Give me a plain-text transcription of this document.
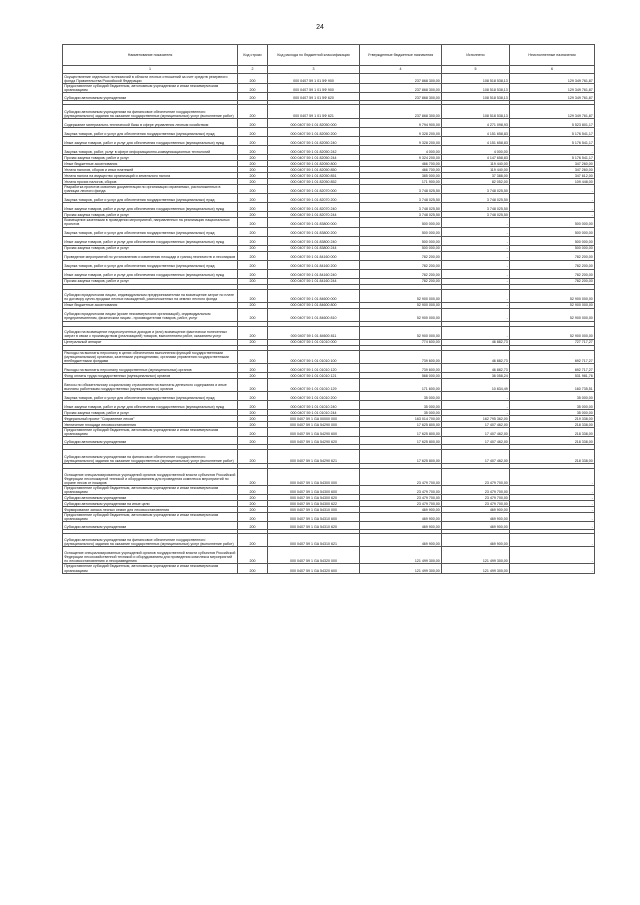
24
Наименование показателя	Код строки	Код расхода по бюджетной классификации	Утвержденные бюджетные назначения	Исполнено	Неисполненные назначения
1	2	3	4	5	6
Осуществление отдельных полномочий в области лесных отношений за счет средств резервного фонда Правительства Российской Федерации	200	000 0407 59 1 01 5Ф 900	237 868 300,00	108 518 538,13	129 349 761,87
Предоставление субсидий бюджетным, автономным учреждениям и иным некоммерческим организациям	200	000 0407 59 1 01 5Ф 900	237 868 300,00	108 518 538,13	129 349 761,87
Субсидии автономным учреждениям	200	000 0407 59 1 01 5Ф 620	237 868 300,00	108 518 538,13	129 349 761,87

Субсидии автономным учреждениям на финансовое обеспечение государственного (муниципального) задания на оказание государственных (муниципальных) услуг (выполнение работ)	200	000 0407 59 1 01 5Ф 621	237 868 300,00	108 518 538,13	129 349 761,87
Содержание материально-технической базы в сфере управления лесным хозяйством	200	000 0407 59 1 01 82050 000	9 794 900,00	4 271 098,93	5 523 801,17
Закупка товаров, работ и услуг для обеспечения государственных (муниципальных) нужд	200	000 0407 59 1 01 82050 200	9 328 200,00	4 151 658,83	5 176 541,17
Иные закупки товаров, работ и услуг для обеспечения государственных (муниципальных) нужд	200	000 0407 59 1 01 82050 240	9 328 200,00	4 151 658,83	5 176 541,17
Закупка товаров, работ, услуг в сфере информационно-коммуникационных технологий	200	000 0407 59 1 01 82050 242	4 000,00	4 000,00	-
Прочая закупка товаров, работ и услуг	200	000 0407 59 1 01 82050 244	9 324 200,00	4 147 658,83	5 176 541,17
Иные бюджетные ассигнования	200	000 0407 59 1 01 82050 800	466 700,00	119 440,00	347 260,00
Уплата налогов, сборов и иных платежей	200	000 0407 59 1 01 82050 850	466 700,00	119 440,00	347 260,00
Уплата налога на имущество организаций и земельного налога	200	000 0407 59 1 01 82050 851	385 000,00	37 388,00	347 612,00
Уплата прочих налогов, сборов	200	000 0407 59 1 01 82050 852	171 900,00	82 052,00	109 448,00
Разработка проектов освоения документации по организации охраняемых, расположенных в границах лесного фонда	200	000 0407 59 1 01 82070 000	3 748 025,50	3 748 025,50	-
Закупка товаров, работ и услуг для обеспечения государственных (муниципальных) нужд	200	000 0407 59 1 01 82070 200	3 748 025,50	3 748 025,50	-
Иные закупки товаров, работ и услуг для обеспечения государственных (муниципальных) нужд	200	000 0407 59 1 01 82070 240	3 748 025,50	3 748 025,50	-
Прочая закупка товаров, работ и услуг	200	000 0407 59 1 01 82070 244	3 748 025,50	3 748 025,50	-
Возмещение казенными в проведении мероприятий, направленных на реализацию национальных проектов	200	000 0407 59 1 01 83800 000	500 000,00	-	500 000,00
Закупка товаров, работ и услуг для обеспечения государственных (муниципальных) нужд	200	000 0407 59 1 01 83800 200	500 000,00	-	500 000,00
Иные закупки товаров, работ и услуг для обеспечения государственных (муниципальных) нужд	200	000 0407 59 1 01 83800 240	500 000,00	-	500 000,00
Прочая закупка товаров, работ и услуг	200	000 0407 59 1 01 83800 244	500 000,00	-	500 000,00
Проведение мероприятий по установлению и изменению площади и границ лесничеств и лесопарков	200	000 0407 59 1 01 84160 000	782 200,00	-	782 200,00
Закупка товаров, работ и услуг для обеспечения государственных (муниципальных) нужд	200	000 0407 59 1 01 84160 200	782 200,00	-	782 200,00
Иные закупки товаров, работ и услуг для обеспечения государственных (муниципальных) нужд	200	000 0407 59 1 01 84160 240	782 200,00	-	782 200,00
Прочая закупка товаров, работ и услуг	200	000 0407 59 1 01 84160 244	782 200,00	-	782 200,00

Субсидии юридическим лицам, индивидуальным предпринимателям на возмещение затрат по плате по договору купли-продажи лесных насаждений, расположенных на землях лесного фонда	200	000 0407 59 1 01 84600 000	52 900 000,00	-	52 900 000,00
Иные бюджетные ассигнования	200	000 0407 59 1 01 84600 800	52 900 000,00	-	52 900 000,00
Субсидии юридическим лицам (кроме некоммерческих организаций), индивидуальным предпринимателям, физическим лицам - производителям товаров, работ, услуг	200	000 0407 59 1 01 84600 810	52 900 000,00	-	52 900 000,00

Субсидии на возмещение недополученных доходов и (или) возмещение фактически понесенных затрат в связи с производством (реализацией) товаров, выполнением работ, оказанием услуг	200	000 0407 59 1 01 84600 811	52 900 000,00	-	52 900 000,00
Центральный аппарат	200	000 0407 59 1 01 01010 000	774 600,00	46 882,73	727 717,27

Расходы на выплаты персоналу в целях обеспечения выполнения функций государственными (муниципальными) органами, казенными учреждениями, органами управления государственными внебюджетными фондами	200	000 0407 59 1 01 01010 100	739 600,00	46 882,73	692 717,27
Расходы на выплаты персоналу государственных (муниципальных) органов	200	000 0407 59 1 01 01010 120	739 600,00	46 882,73	692 717,27
Фонд оплаты труда государственных (муниципальных) органов	200	000 0407 59 1 01 01010 121	568 000,00	36 058,24	531 981,76
Взносы по обязательному социальному страхованию на выплаты денежного содержания и иные выплаты работникам государственных (муниципальных) органов	200	000 0407 59 1 01 01010 129	171 600,00	10 834,49	160 735,51
Закупка товаров, работ и услуг для обеспечения государственных (муниципальных) нужд	200	000 0407 59 1 01 01010 200	35 000,00	-	35 000,00
Иные закупки товаров, работ и услуг для обеспечения государственных (муниципальных) нужд	200	000 0407 59 1 01 01010 240	35 000,00	-	35 000,00
Прочая закупка товаров, работ и услуг	200	000 0407 59 1 01 01010 244	35 000,00	-	35 000,00
Федеральный проект "Сохранение лесов"	200	000 0407 59 1 GA 00000 000	163 014 700,00	162 795 362,00	219 338,00
Увеличение площади лесовосстановления	200	000 0407 59 1 GA 54290 000	17 625 800,00	17 407 462,00	218 338,00
Предоставление субсидий бюджетным, автономным учреждениям и иным некоммерческим организациям	200	000 0407 59 1 GA 54290 600	17 625 800,00	17 407 462,00	218 338,00
Субсидии автономным учреждениям	200	000 0407 59 1 GA 54290 620	17 625 800,00	17 407 462,00	218 338,00

Субсидии автономным учреждениям на финансовое обеспечение государственного (муниципального) задания на оказание государственных (муниципальных) услуг (выполнение работ)	200	000 0407 59 1 GA 54290 621	17 625 800,00	17 407 462,00	218 338,00

Оснащение специализированных учреждений органов государственной власти субъектов Российской Федерации лесопожарной техникой и оборудованием для проведения комплекса мероприятий по охране лесов от пожаров	200	000 0407 59 1 GA 54300 000	23 479 700,00	23 479 700,00	-
Предоставление субсидий бюджетным, автономным учреждениям и иным некоммерческим организациям	200	000 0407 59 1 GA 54300 600	23 479 700,00	23 479 700,00	-
Субсидии автономным учреждениям	200	000 0407 59 1 GA 54300 620	23 479 700,00	23 479 700,00	-
Субсидии автономным учреждениям на иные цели	200	000 0407 59 1 GA 54300 622	23 479 700,00	23 479 700,00	-
Формирование запаса лесных семян для лесовосстановления	200	000 0407 59 1 GA 54310 000	469 900,00	469 900,00	-
Предоставление субсидий бюджетным, автономным учреждениям и иным некоммерческим организациям	200	000 0407 59 1 GA 54310 600	469 900,00	469 900,00	-
Субсидии автономным учреждениям	200	000 0407 59 1 GA 54310 620	469 900,00	469 900,00	-

Субсидии автономным учреждениям на финансовое обеспечение государственного (муниципального) задания на оказание государственных (муниципальных) услуг (выполнение работ)	200	000 0407 59 1 GA 54310 621	469 900,00	469 900,00	-
Оснащение специализированных учреждений органов государственной власти субъектов Российской Федерации лесохозяйственной техникой и оборудованием для проведения комплекса мероприятий по лесовосстановлению и лесоразведению	200	000 0407 59 1 GA 54320 000	121 499 300,00	121 499 300,00	-
Предоставление субсидий бюджетным, автономным учреждениям и иным некоммерческим организациям	200	000 0407 59 1 GA 54320 600	121 499 300,00	121 499 300,00	-
